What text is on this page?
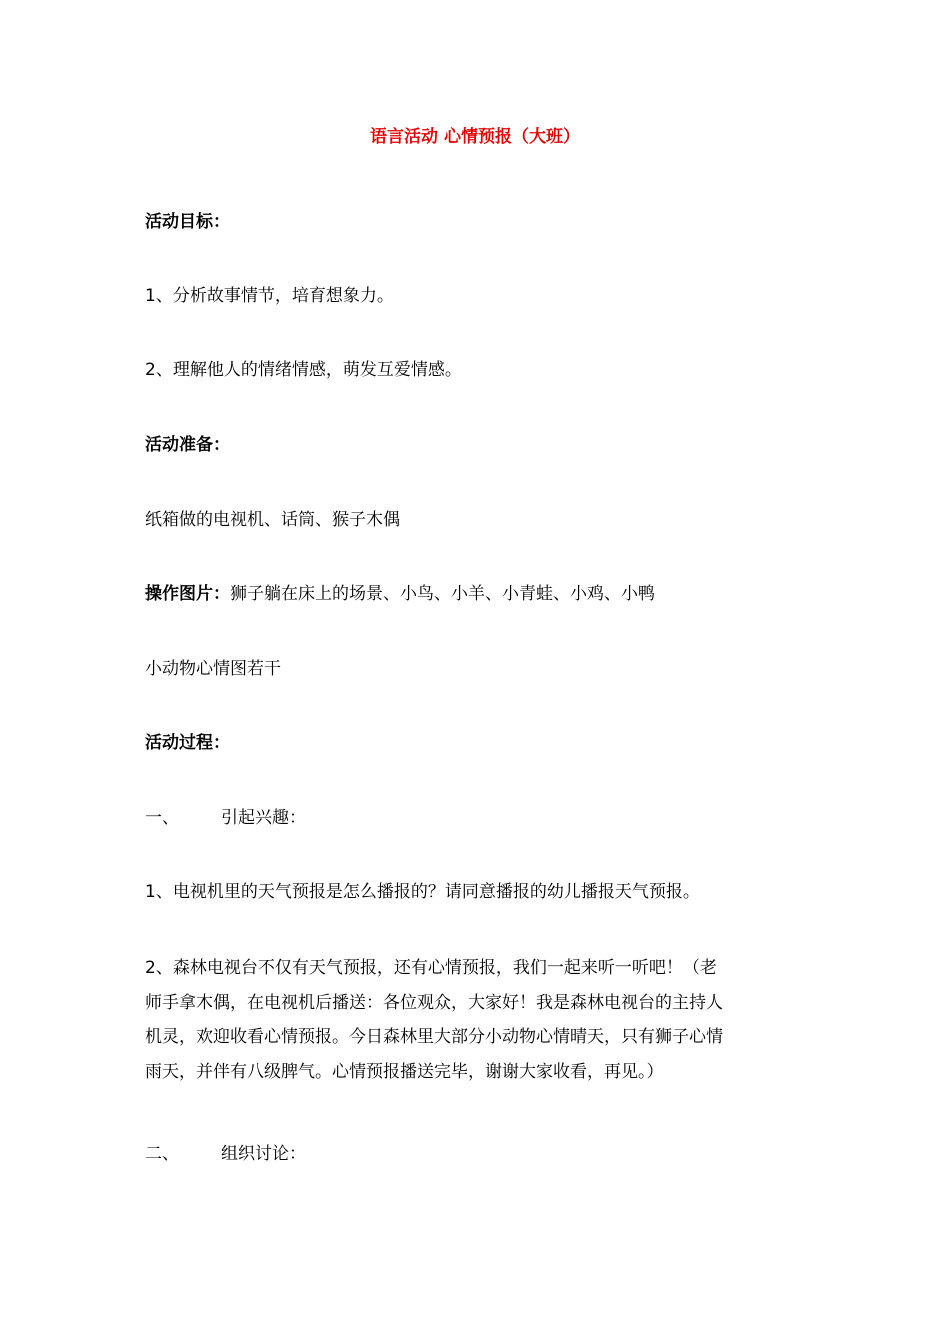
语言活动 心情预报（大班）
活动目标：
1、分析故事情节，培育想象力。
2、理解他人的情绪情感，萌发互爱情感。
活动准备：
纸箱做的电视机、话筒、猴子木偶
操作图片：狮子躺在床上的场景、小鸟、小羊、小青蛙、小鸡、小鸭
小动物心情图若干
活动过程：
一、 引起兴趣：
1、电视机里的天气预报是怎么播报的？请同意播报的幼儿播报天气预报。
2、森林电视台不仅有天气预报，还有心情预报，我们一起来听一听吧！（老
师手拿木偶，在电视机后播送：各位观众，大家好！我是森林电视台的主持人
机灵，欢迎收看心情预报。今日森林里大部分小动物心情晴天，只有狮子心情
雨天，并伴有八级脾气。心情预报播送完毕，谢谢大家收看，再见。）
二、 组织讨论：
